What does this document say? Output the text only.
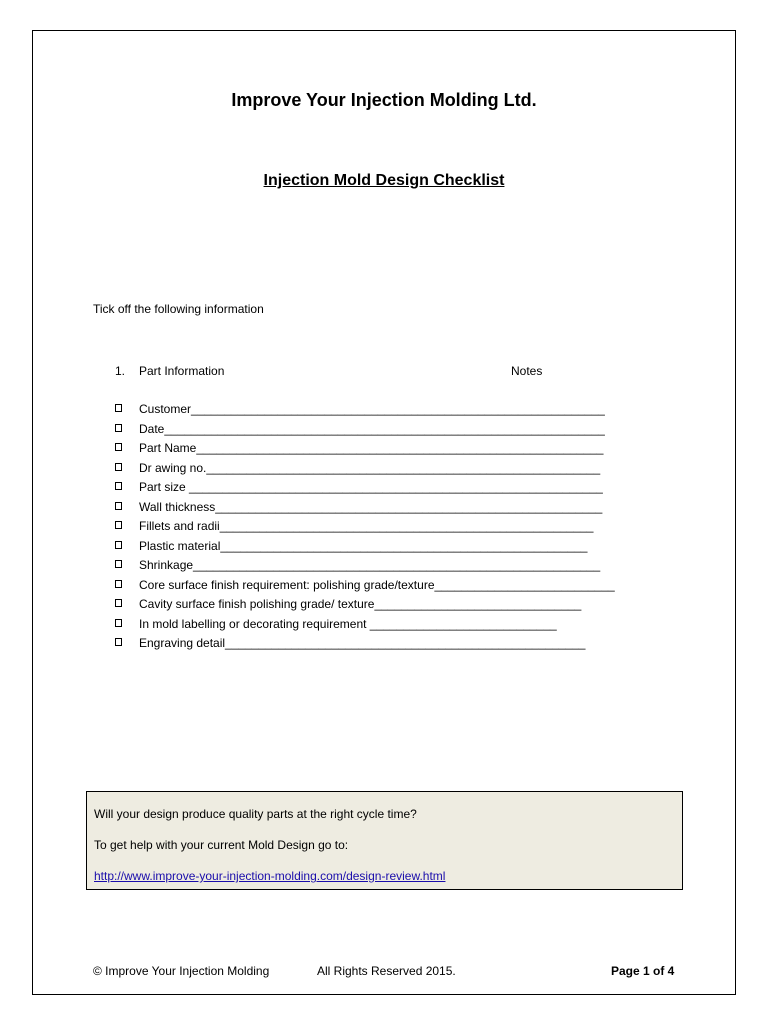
Improve Your Injection Molding Ltd.
Injection Mold Design Checklist
Tick off the following information
1. Part Information	Notes
Customer______________________________________________________________
Date__________________________________________________________________
Part Name_____________________________________________________________
Dr awing no.___________________________________________________________
Part size ______________________________________________________________
Wall thickness__________________________________________________________
Fillets and radii________________________________________________________
Plastic material_______________________________________________________
Shrinkage_____________________________________________________________
Core surface finish requirement: polishing grade/texture___________________________
Cavity surface finish polishing grade/ texture_______________________________
In mold labelling or decorating requirement ____________________________
Engraving detail______________________________________________________
Will your design produce quality parts at the right cycle time?
To get help with your current Mold Design go to:
http://www.improve-your-injection-molding.com/design-review.html
© Improve Your Injection Molding	All Rights Reserved 2015.	Page 1 of 4
